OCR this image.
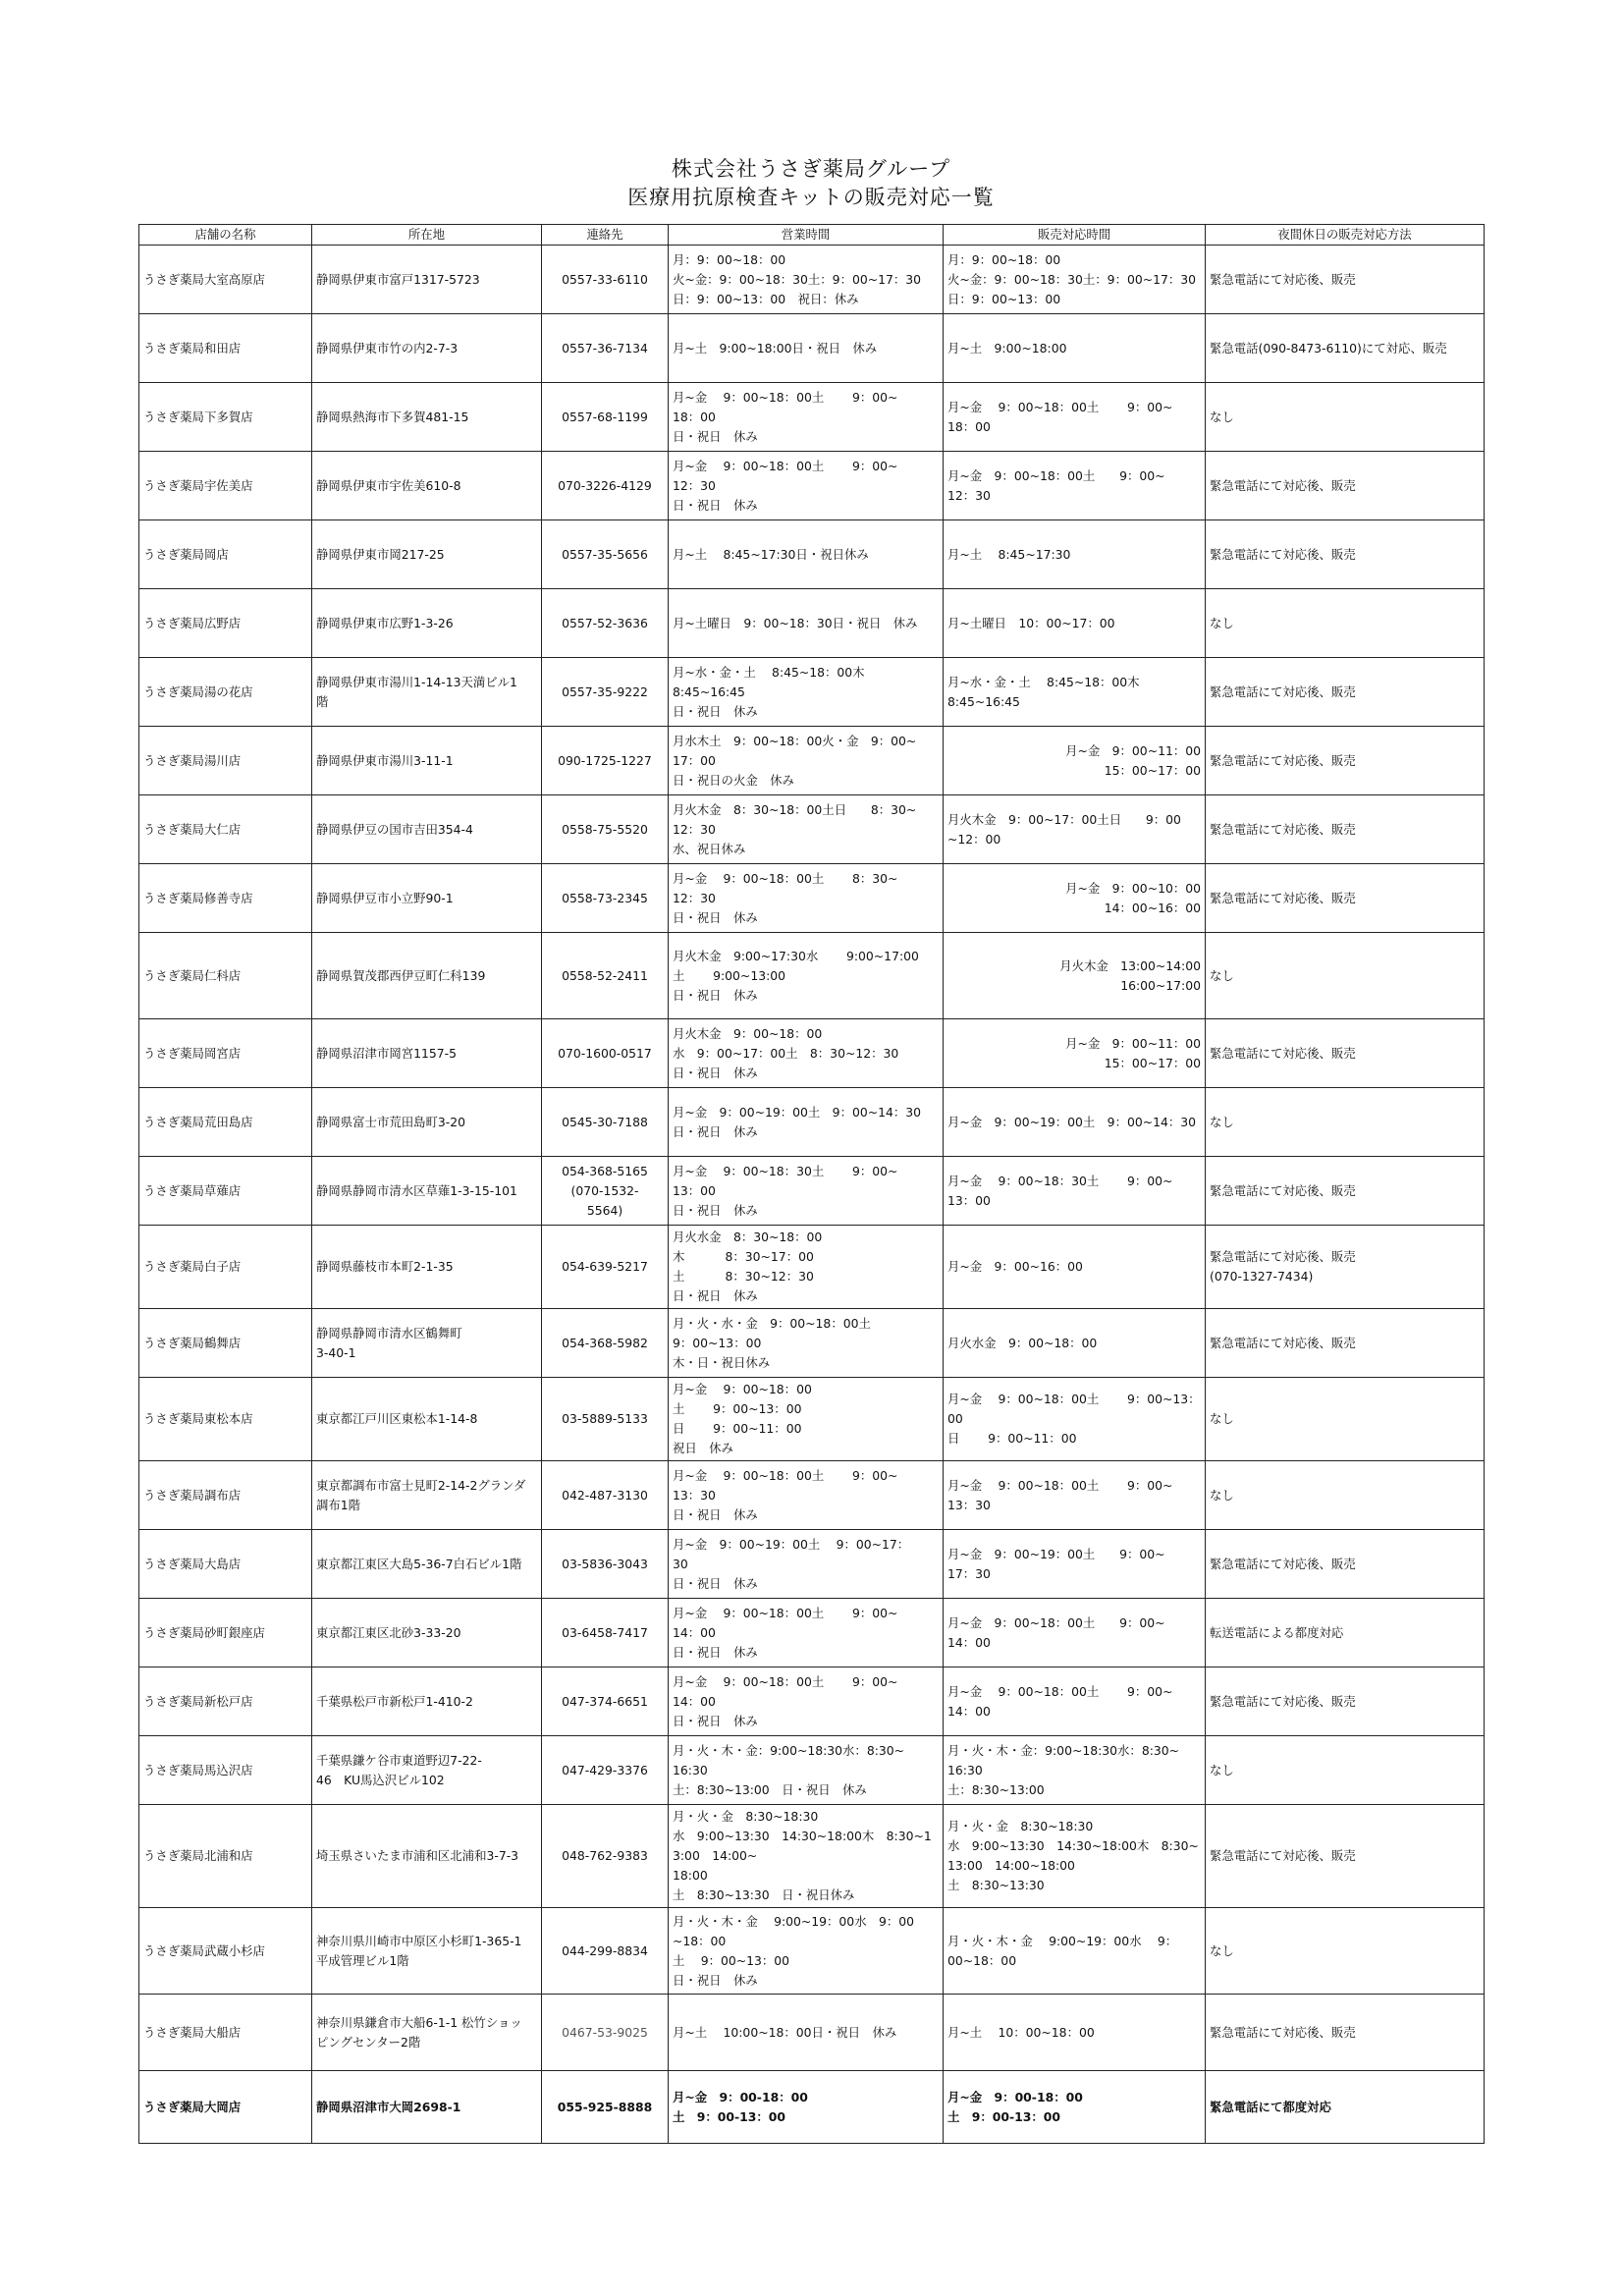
株式会社うさぎ薬局グループ
医療用抗原検査キットの販売対応一覧
店舗の名称	所在地	連絡先	営業時間	販売対応時間	夜間休日の販売対応方法
うさぎ薬局大室高原店	静岡県伊東市富戸1317-5723	0557-33-6110	月：9：00~18：00
火~金：9：00~18：30土：9：00~17：30
日：9：00~13：00　祝日：休み	月：9：00~18：00
火~金：9：00~18：30土：9：00~17：30
日：9：00~13：00	緊急電話にて対応後、販売
うさぎ薬局和田店	静岡県伊東市竹の内2-7-3	0557-36-7134	月~土　9:00~18:00日・祝日　休み	月~土　9:00~18:00	緊急電話(090-8473-6110)にて対応、販売
うさぎ薬局下多賀店	静岡県熱海市下多賀481-15	0557-68-1199	月~金　 9：00~18：00土　　 9：00~
18：00
日・祝日　休み	月~金　 9：00~18：00土　　 9：00~
18：00	なし
うさぎ薬局宇佐美店	静岡県伊東市宇佐美610-8	070-3226-4129	月~金　 9：00~18：00土　　 9：00~
12：30
日・祝日　休み	月~金　9：00~18：00土　　9：00~
12：30	緊急電話にて対応後、販売
うさぎ薬局岡店	静岡県伊東市岡217-25	0557-35-5656	月~土　 8:45~17:30日・祝日休み	月~土　 8:45~17:30	緊急電話にて対応後、販売
うさぎ薬局広野店	静岡県伊東市広野1-3-26	0557-52-3636	月~土曜日　9：00~18：30日・祝日　休み	月~土曜日　10：00~17：00	なし
うさぎ薬局湯の花店	静岡県伊東市湯川1-14-13天満ビル1
階	0557-35-9222	月~水・金・土　 8:45~18：00木
8:45~16:45
日・祝日　休み	月~水・金・土　 8:45~18：00木
8:45~16:45	緊急電話にて対応後、販売
うさぎ薬局湯川店	静岡県伊東市湯川3-11-1	090-1725-1227	月水木土　9：00~18：00火・金　9：00~
17：00
日・祝日の火金　休み	月~金　9：00~11：00
15：00~17：00	緊急電話にて対応後、販売
うさぎ薬局大仁店	静岡県伊豆の国市吉田354-4	0558-75-5520	月火木金　8：30~18：00土日　　8：30~
12：30
水、祝日休み	月火木金　9：00~17：00土日　　9：00
~12：00	緊急電話にて対応後、販売
うさぎ薬局修善寺店	静岡県伊豆市小立野90-1	0558-73-2345	月~金　 9：00~18：00土　　 8：30~
12：30
日・祝日　休み	月~金　9：00~10：00
14：00~16：00	緊急電話にて対応後、販売
うさぎ薬局仁科店	静岡県賀茂郡西伊豆町仁科139	0558-52-2411	月火木金　9:00~17:30水　　 9:00~17:00
土　　 9:00~13:00
日・祝日　休み	月火木金　13:00~14:00
16:00~17:00	なし
うさぎ薬局岡宮店	静岡県沼津市岡宮1157-5	070-1600-0517	月火木金　9：00~18：00
水　9：00~17：00土　8：30~12：30
日・祝日　休み	月~金　9：00~11：00
15：00~17：00	緊急電話にて対応後、販売
うさぎ薬局荒田島店	静岡県富士市荒田島町3-20	0545-30-7188	月~金　9：00~19：00土　9：00~14：30
日・祝日　休み	月~金　9：00~19：00土　9：00~14：30	なし
うさぎ薬局草薙店	静岡県静岡市清水区草薙1-3-15-101	054-368-5165
(070-1532-
5564)	月~金　 9：00~18：30土　　 9：00~
13：00
日・祝日　休み	月~金　 9：00~18：30土　　 9：00~
13：00	緊急電話にて対応後、販売
うさぎ薬局白子店	静岡県藤枝市本町2-1-35	054-639-5217	月火水金　8：30~18：00
木　　　 8：30~17：00
土　　　 8：30~12：30
日・祝日　休み	月~金　9：00~16：00	緊急電話にて対応後、販売
(070-1327-7434)
うさぎ薬局鶴舞店	静岡県静岡市清水区鶴舞町
3-40-1	054-368-5982	月・火・水・金　9：00~18：00土
9：00~13：00
木・日・祝日休み	月火水金　9：00~18：00	緊急電話にて対応後、販売
うさぎ薬局東松本店	東京都江戸川区東松本1-14-8	03-5889-5133	月~金　 9：00~18：00
土　　 9：00~13：00
日　　 9：00~11：00
祝日　休み	月~金　 9：00~18：00土　　 9：00~13：00
日　　 9：00~11：00	なし
うさぎ薬局調布店	東京都調布市富士見町2-14-2グランダ
調布1階	042-487-3130	月~金　 9：00~18：00土　　 9：00~
13：30
日・祝日　休み	月~金　 9：00~18：00土　　 9：00~
13：30	なし
うさぎ薬局大島店	東京都江東区大島5-36-7白石ビル1階	03-5836-3043	月~金　9：00~19：00土　 9：00~17：
30
日・祝日　休み	月~金　9：00~19：00土　　9：00~
17：30	緊急電話にて対応後、販売
うさぎ薬局砂町銀座店	東京都江東区北砂3-33-20	03-6458-7417	月~金　 9：00~18：00土　　 9：00~
14：00
日・祝日　休み	月~金　9：00~18：00土　　9：00~
14：00	転送電話による都度対応
うさぎ薬局新松戸店	千葉県松戸市新松戸1-410-2	047-374-6651	月~金　 9：00~18：00土　　 9：00~
14：00
日・祝日　休み	月~金　 9：00~18：00土　　 9：00~
14：00	緊急電話にて対応後、販売
うさぎ薬局馬込沢店	千葉県鎌ケ谷市東道野辺7-22-
46　KU馬込沢ビル102	047-429-3376	月・火・木・金：9:00~18:30水：8:30~
16:30
土：8:30~13:00　日・祝日　休み	月・火・木・金：9:00~18:30水：8:30~
16:30
土：8:30~13:00	なし
うさぎ薬局北浦和店	埼玉県さいたま市浦和区北浦和3-7-3	048-762-9383	月・火・金　8:30~18:30
水　9:00~13:30　14:30~18:00木　8:30~13:00　14:00~
18:00
土　8:30~13:30　日・祝日休み	月・火・金　8:30~18:30
水　9:00~13:30　14:30~18:00木　8:30~
13:00　14:00~18:00
土　8:30~13:30	緊急電話にて対応後、販売
うさぎ薬局武蔵小杉店	神奈川県川崎市中原区小杉町1-365-1
平成管理ビル1階	044-299-8834	月・火・木・金　 9:00~19：00水　9：00
~18：00
土　 9：00~13：00
日・祝日　休み	月・火・木・金　 9:00~19：00水　 9：
00~18：00	なし
うさぎ薬局大船店	神奈川県鎌倉市大船6-1-1 松竹ショッ
ピングセンター2階	0467-53-9025	月~土　 10:00~18：00日・祝日　休み	月~土　 10：00~18：00	緊急電話にて対応後、販売
うさぎ薬局大岡店	静岡県沼津市大岡2698-1	055-925-8888	月~金　9：00-18：00
土　9：00-13：00	月~金　9：00-18：00
土　9：00-13：00	緊急電話にて都度対応
